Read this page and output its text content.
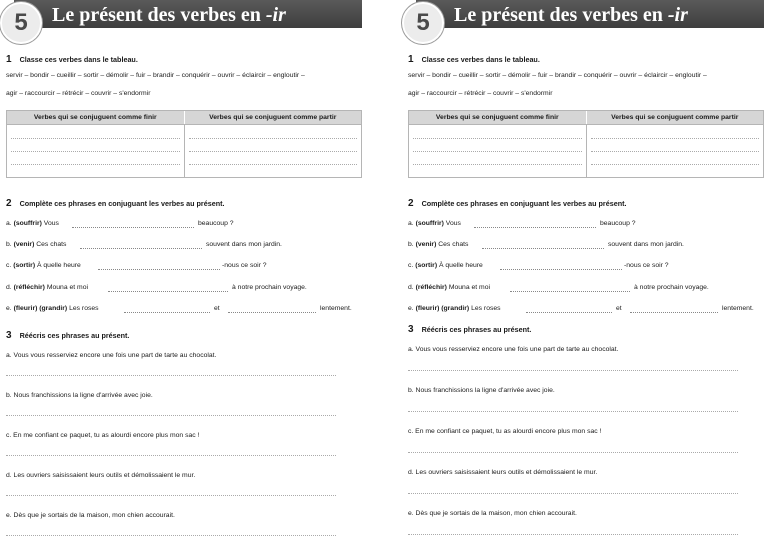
5	Le présent des verbes en -ir
1 Classe ces verbes dans le tableau.
servir – bondir – cueillir – sortir – démolir – fuir – brandir – conquérir – ouvrir – éclaircir – engloutir –
agir – raccourcir – rétrécir – couvrir – s'endormir
Verbes qui se conjuguent comme finir	Verbes qui se conjuguent comme partir
2 Complète ces phrases en conjuguant les verbes au présent.
a. (souffrir) Vous	beaucoup ?
b. (venir) Ces chats	souvent dans mon jardin.
c. (sortir) À quelle heure	-nous ce soir ?
d. (réfléchir) Mouna et moi	à notre prochain voyage.
e. (fleurir) (grandir) Les roses	et	lentement.
3 Réécris ces phrases au présent.
a. Vous vous resserviez encore une fois une part de tarte au chocolat.
b. Nous franchissions la ligne d'arrivée avec joie.
c. En me confiant ce paquet, tu as alourdi encore plus mon sac !
d. Les ouvriers saisissaient leurs outils et démolissaient le mur.
e. Dès que je sortais de la maison, mon chien accourait.
5	Le présent des verbes en -ir
1 Classe ces verbes dans le tableau.
servir – bondir – cueillir – sortir – démolir – fuir – brandir – conquérir – ouvrir – éclaircir – engloutir –
agir – raccourcir – rétrécir – couvrir – s'endormir
Verbes qui se conjuguent comme finir	Verbes qui se conjuguent comme partir
2 Complète ces phrases en conjuguant les verbes au présent.
a. (souffrir) Vous	beaucoup ?
b. (venir) Ces chats	souvent dans mon jardin.
c. (sortir) À quelle heure	-nous ce soir ?
d. (réfléchir) Mouna et moi	à notre prochain voyage.
e. (fleurir) (grandir) Les roses	et	lentement.
3 Réécris ces phrases au présent.
a. Vous vous resserviez encore une fois une part de tarte au chocolat.
b. Nous franchissions la ligne d'arrivée avec joie.
c. En me confiant ce paquet, tu as alourdi encore plus mon sac !
d. Les ouvriers saisissaient leurs outils et démolissaient le mur.
e. Dès que je sortais de la maison, mon chien accourait.
